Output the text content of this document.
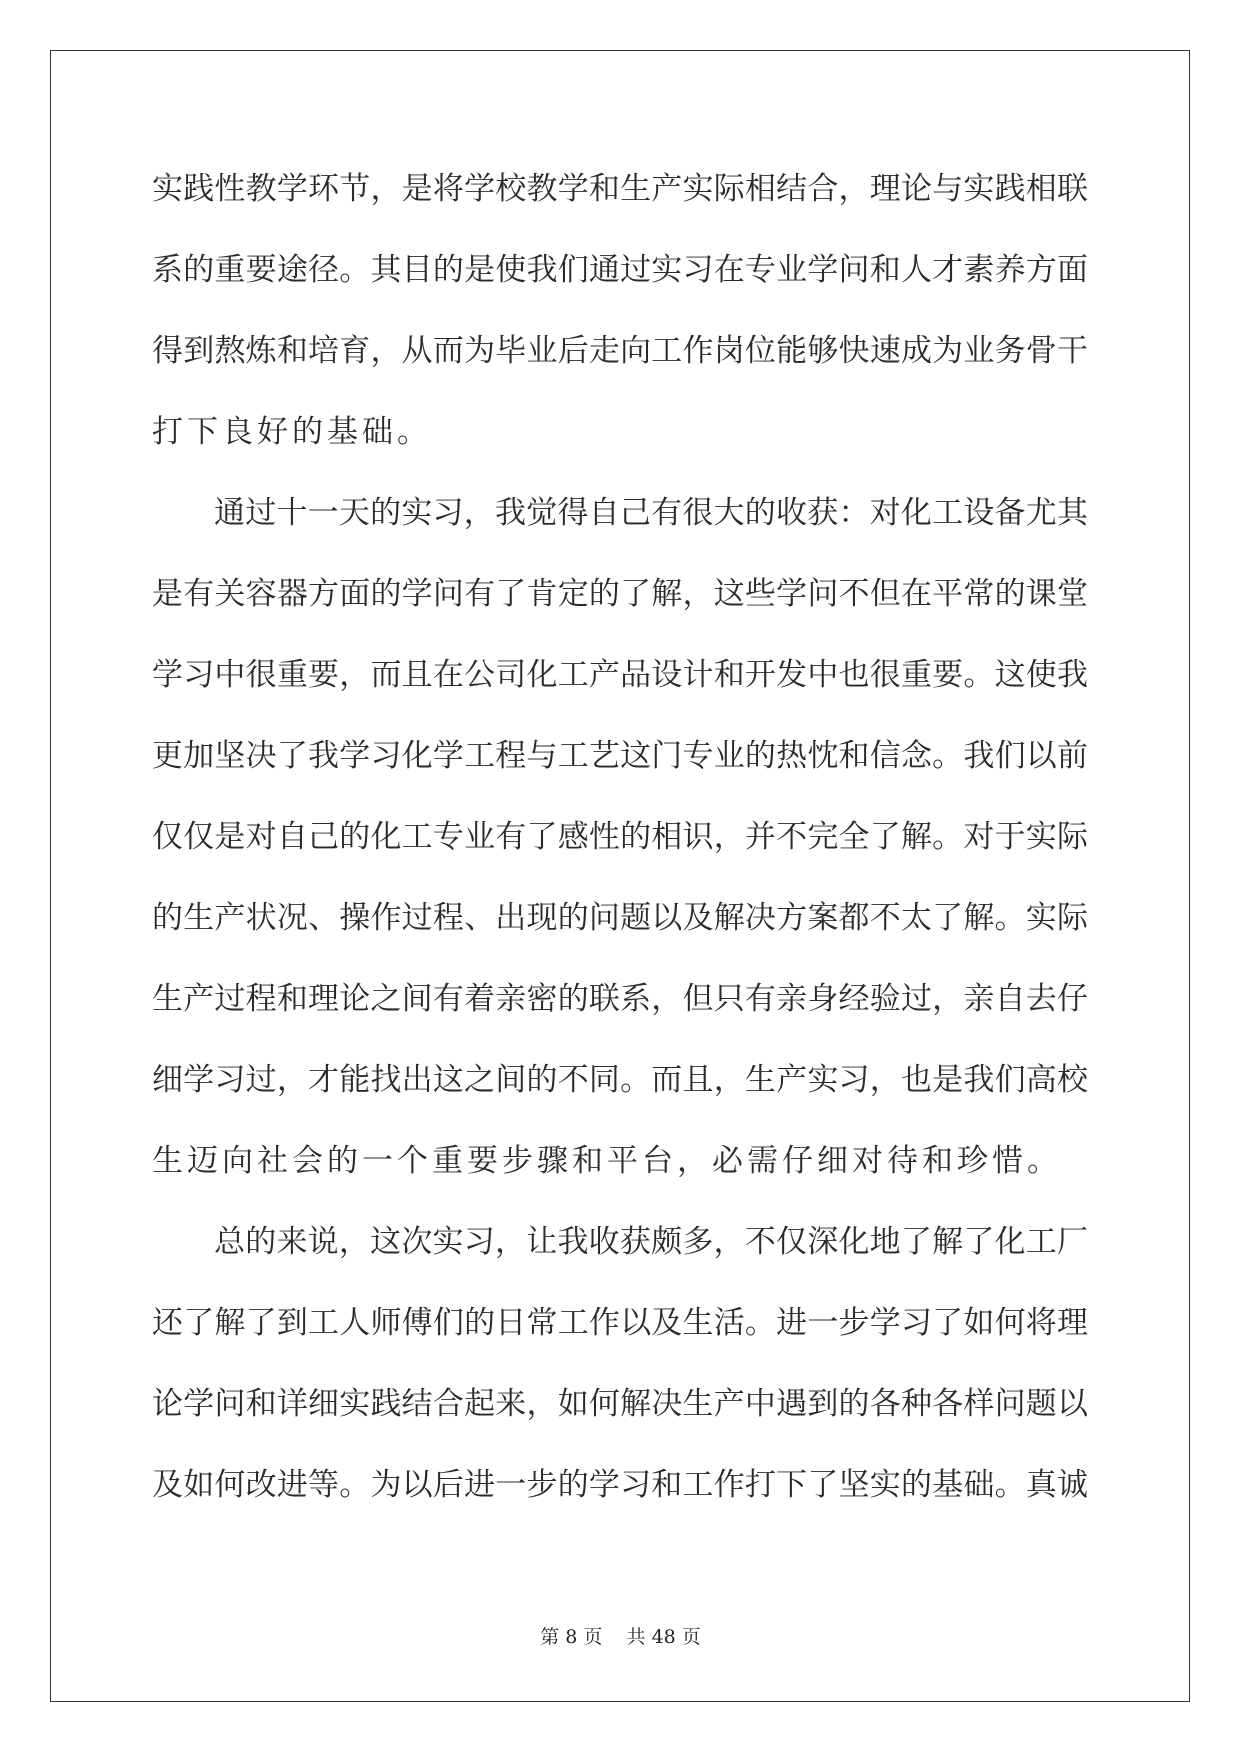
实践性教学环节，是将学校教学和生产实际相结合，理论与实践相联
系的重要途径。其目的是使我们通过实习在专业学问和人才素养方面
得到熬炼和培育，从而为毕业后走向工作岗位能够快速成为业务骨干
打下良好的基础。
通过十一天的实习，我觉得自己有很大的收获：对化工设备尤其
是有关容器方面的学问有了肯定的了解，这些学问不但在平常的课堂
学习中很重要，而且在公司化工产品设计和开发中也很重要。这使我
更加坚决了我学习化学工程与工艺这门专业的热忱和信念。我们以前
仅仅是对自己的化工专业有了感性的相识，并不完全了解。对于实际
的生产状况、操作过程、出现的问题以及解决方案都不太了解。实际
生产过程和理论之间有着亲密的联系，但只有亲身经验过，亲自去仔
细学习过，才能找出这之间的不同。而且，生产实习，也是我们高校
生迈向社会的一个重要步骤和平台，必需仔细对待和珍惜。
总的来说，这次实习，让我收获颇多，不仅深化地了解了化工厂
还了解了到工人师傅们的日常工作以及生活。进一步学习了如何将理
论学问和详细实践结合起来，如何解决生产中遇到的各种各样问题以
及如何改进等。为以后进一步的学习和工作打下了坚实的基础。真诚
第 8 页 共 48 页
